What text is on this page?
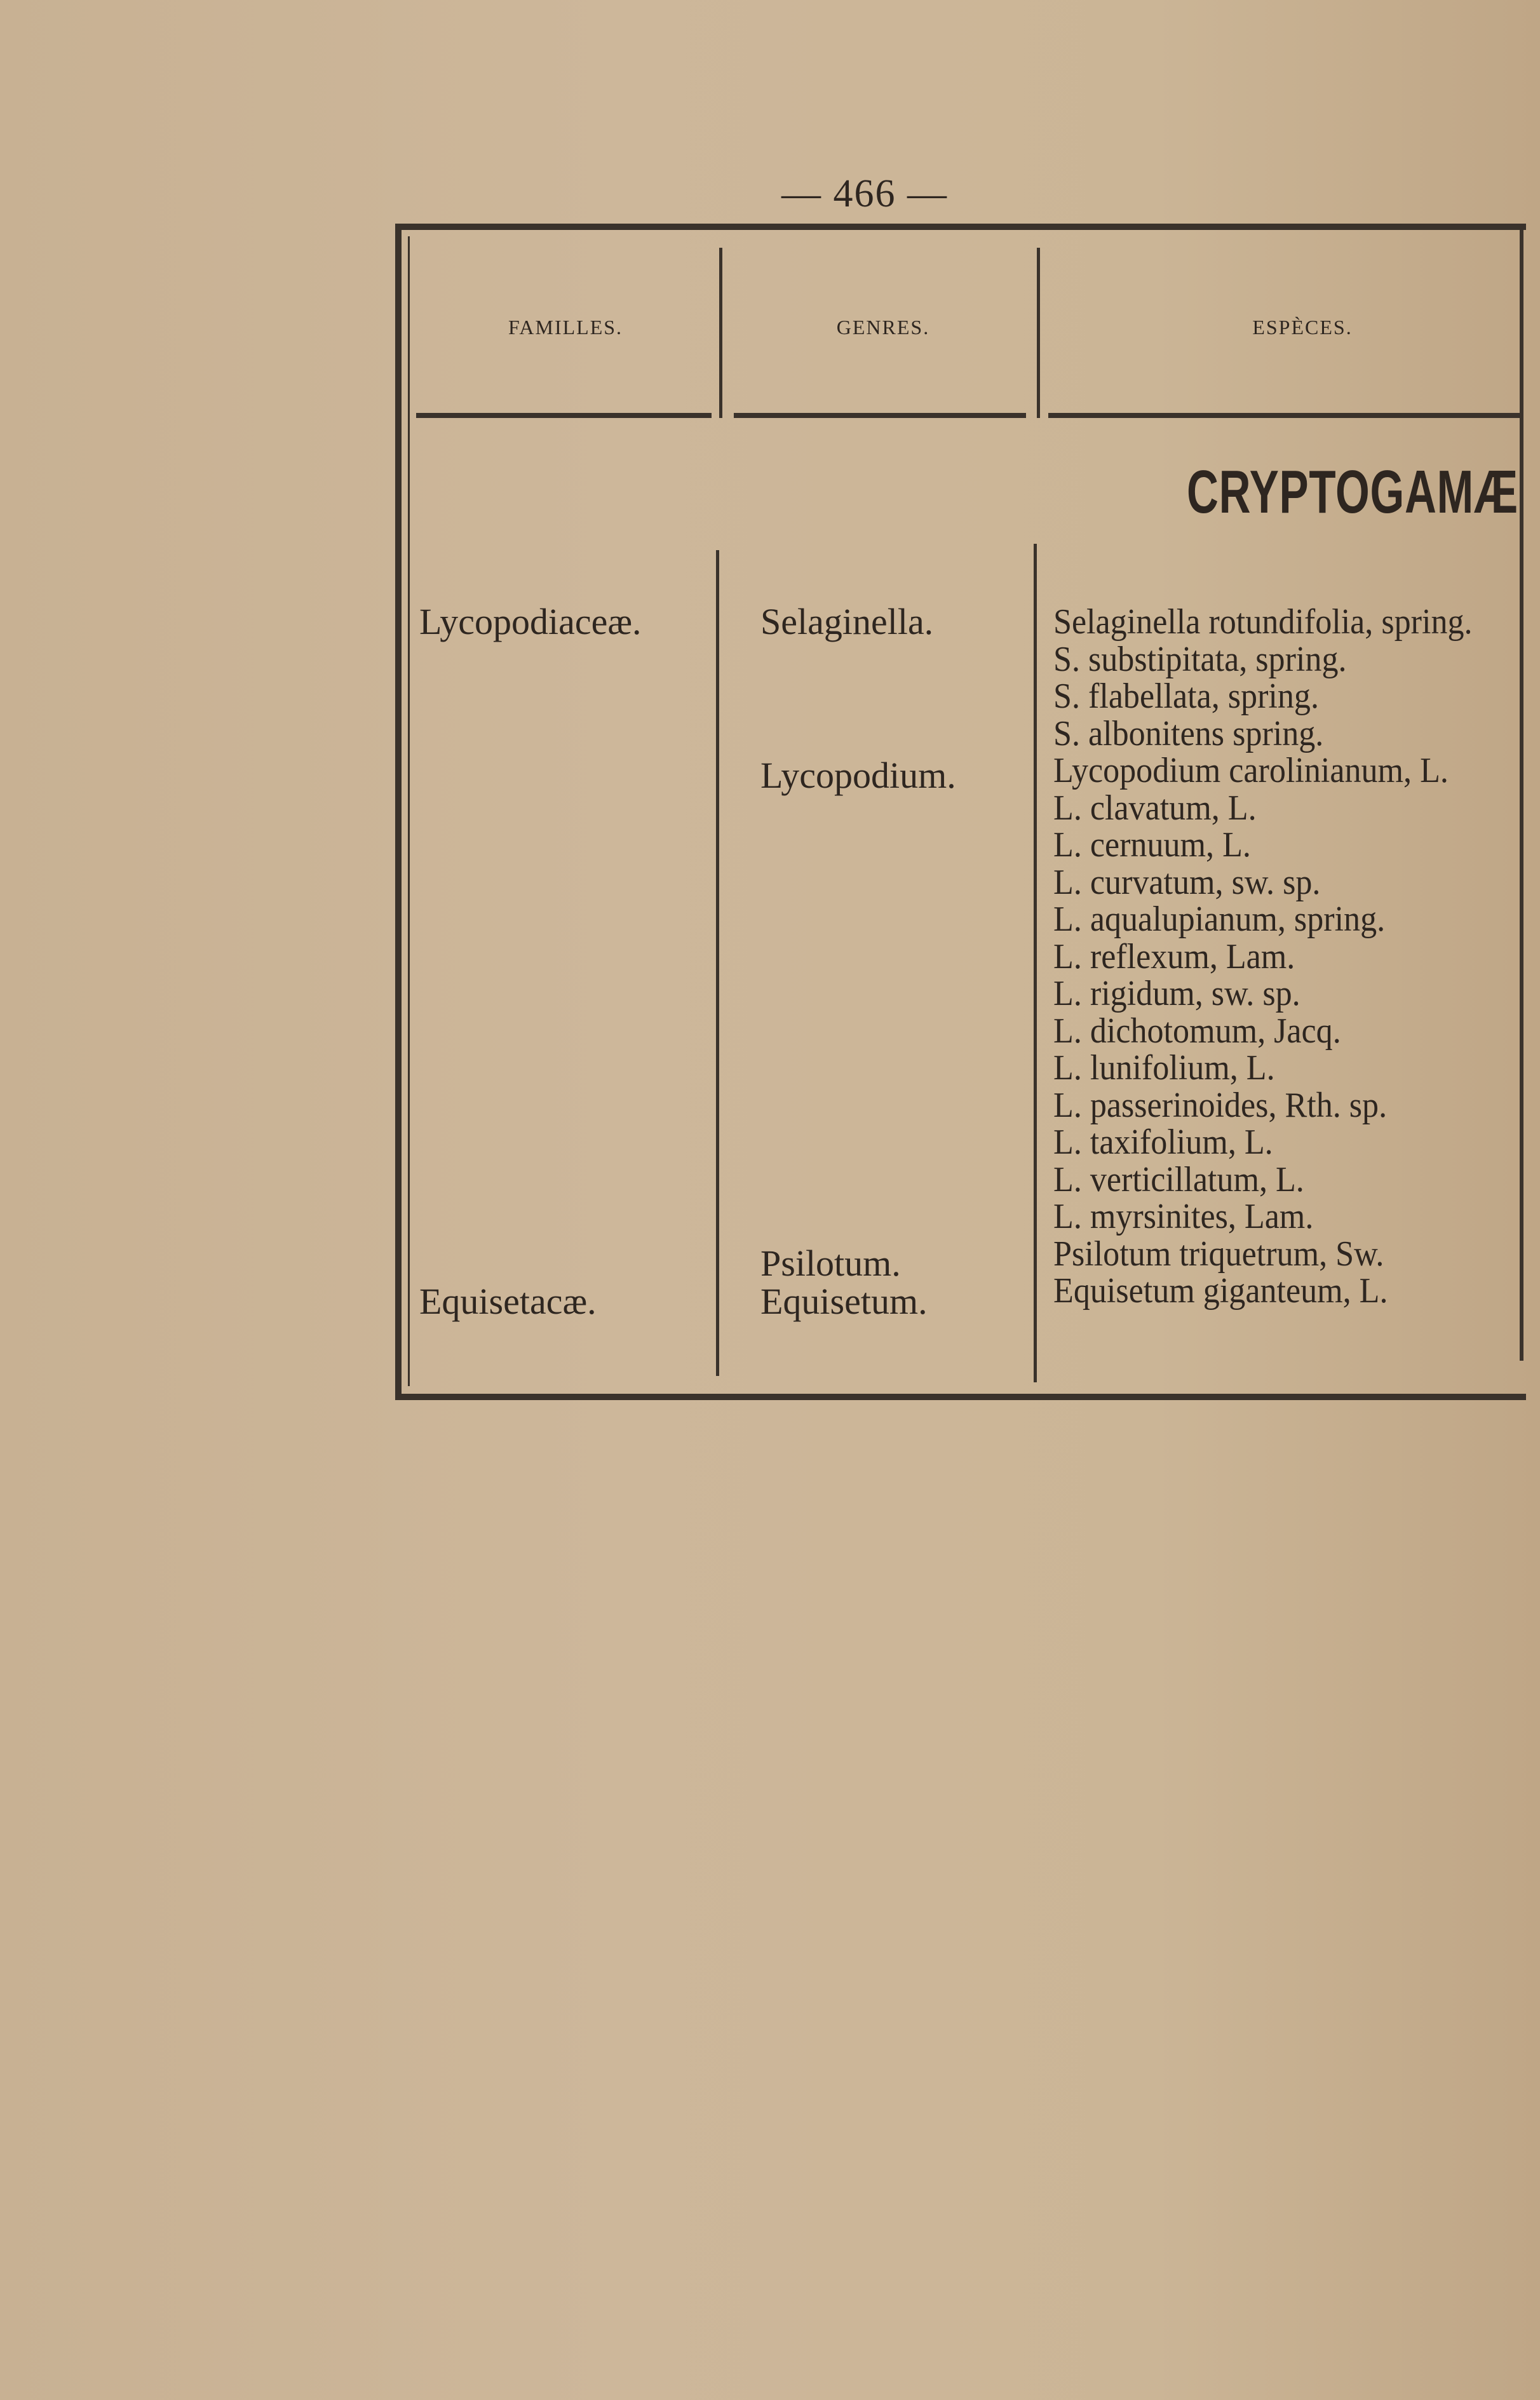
— 466 —
FAMILLES.	GENRES.	ESPÈCES.
CRYPTOGAMÆ
Lycopodiaceæ.
Equisetacæ.
Selaginella.
Lycopodium.
Psilotum.
Equisetum.
Selaginella rotundifolia, spring.
S. substipitata, spring.
S. flabellata, spring.
S. albonitens spring.
Lycopodium carolinianum, L.
L. clavatum, L.
L. cernuum, L.
L. curvatum, sw. sp.
L. aqualupianum, spring.
L. reflexum, Lam.
L. rigidum, sw. sp.
L. dichotomum, Jacq.
L. lunifolium, L.
L. passerinoides, Rth. sp.
L. taxifolium, L.
L. verticillatum, L.
L. myrsinites, Lam.
Psilotum triquetrum, Sw.
Equisetum giganteum, L.
